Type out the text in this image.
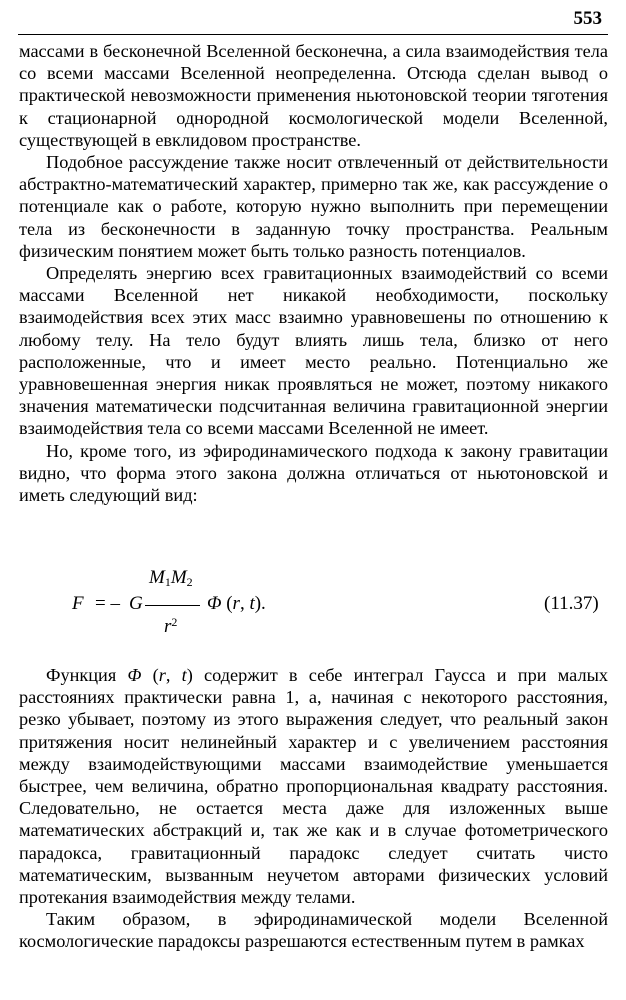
553

массами в бесконечной Вселенной бесконечна, а сила взаимодействия тела со всеми массами Вселенной неопределенна. Отсюда сделан вывод о практической невозможности применения ньютоновской теории тяготения к стационарной однородной космологической модели Вселенной, существующей в евклидовом пространстве.

Подобное рассуждение также носит отвлеченный от действительности абстрактно-математический характер, примерно так же, как рассуждение о потенциале как о работе, которую нужно выполнить при перемещении тела из бесконечности в заданную точку пространства. Реальным физическим понятием может быть только разность потенциалов.

Определять энергию всех гравитационных взаимодействий со всеми массами Вселенной нет никакой необходимости, поскольку взаимодействия всех этих масс взаимно уравновешены по отношению к любому телу. На тело будут влиять лишь тела, близко от него расположенные, что и имеет место реально. Потенциально же уравновешенная энергия никак проявляться не может, поэтому никакого значения математически подсчитанная величина гравитационной энергии взаимодействия тела со всеми массами Вселенной не имеет.

Но, кроме того, из эфиродинамического подхода к закону гравитации видно, что форма этого закона должна отличаться от ньютоновской и иметь следующий вид:

F = – G
$M_1M_2$
$r^2$
Φ (r, t).	(11.37)

Функция Φ (r, t) содержит в себе интеграл Гаусса и при малых расстояниях практически равна 1, а, начиная с некоторого расстояния, резко убывает, поэтому из этого выражения следует, что реальный закон притяжения носит нелинейный характер и с увеличением расстояния между взаимодействующими массами взаимодействие уменьшается быстрее, чем величина, обратно пропорциональная квадрату расстояния. Следовательно, не остается места даже для изложенных выше математических абстракций и, так же как и в случае фотометрического парадокса, гравитационный парадокс следует считать чисто математическим, вызванным неучетом авторами физических условий протекания взаимодействия между телами.

Таким образом, в эфиродинамической модели Вселенной космологические парадоксы разрешаются естественным путем в рамках
